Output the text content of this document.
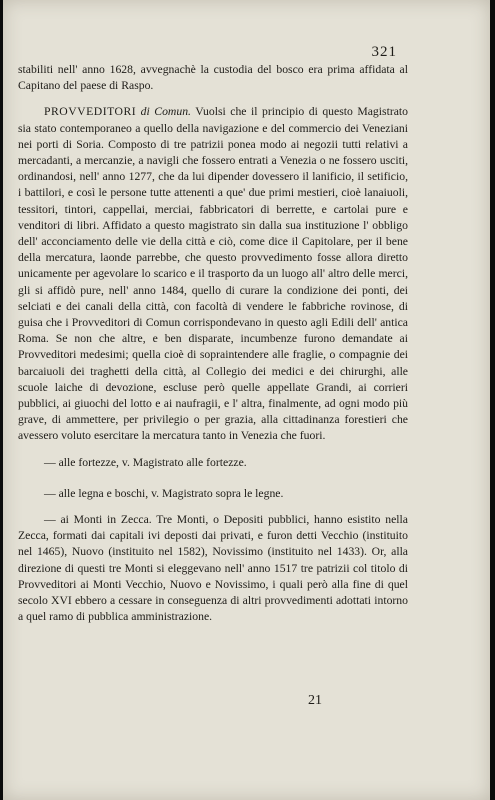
321

stabiliti nell' anno 1628, avvegnachè la custodia del bosco era prima affidata al Capitano del paese di Raspo.

PROVVEDITORI di Comun. Vuolsi che il principio di questo Magistrato sia stato contemporaneo a quello della navigazione e del commercio dei Veneziani nei porti di Soria. Composto di tre patrizii ponea modo ai negozii tutti relativi a mercadanti, a mercanzie, a navigli che fossero entrati a Venezia o ne fossero usciti, ordinandosi, nell' anno 1277, che da lui dipender dovessero il lanificio, il setificio, i battilori, e così le persone tutte attenenti a que' due primi mestieri, cioè lanaiuoli, tessitori, tintori, cappellai, merciai, fabbricatori di berrette, e cartolai pure e venditori di libri. Affidato a questo magistrato sin dalla sua instituzione l' obbligo dell' acconciamento delle vie della città e ciò, come dice il Capitolare, per il bene della mercatura, laonde parrebbe, che questo provvedimento fosse allora diretto unicamente per agevolare lo scarico e il trasporto da un luogo all' altro delle merci, gli si affidò pure, nell' anno 1484, quello di curare la condizione dei ponti, dei selciati e dei canali della città, con facoltà di vendere le fabbriche rovinose, di guisa che i Provveditori di Comun corrispondevano in questo agli Edili dell' antica Roma. Se non che altre, e ben disparate, incumbenze furono demandate ai Provveditori medesimi; quella cioè di sopraintendere alle fraglie, o compagnie dei barcaiuoli dei traghetti della città, al Collegio dei medici e dei chirurghi, alle scuole laiche di devozione, escluse però quelle appellate Grandi, ai corrieri pubblici, ai giuochi del lotto e ai naufragii, e l' altra, finalmente, ad ogni modo più grave, di ammettere, per privilegio o per grazia, alla cittadinanza forestieri che avessero voluto esercitare la mercatura tanto in Venezia che fuori.

— alle fortezze, v. Magistrato alle fortezze.

— alle legna e boschi, v. Magistrato sopra le legne.

— ai Monti in Zecca. Tre Monti, o Depositi pubblici, hanno esistito nella Zecca, formati dai capitali ivi deposti dai privati, e furon detti Vecchio (instituito nel 1465), Nuovo (instituito nel 1582), Novissimo (instituito nel 1433). Or, alla direzione di questi tre Monti si eleggevano nell' anno 1517 tre patrizii col titolo di Provveditori ai Monti Vecchio, Nuovo e Novissimo, i quali però alla fine di quel secolo XVI ebbero a cessare in conseguenza di altri provvedimenti adottati intorno a quel ramo di pubblica amministrazione.

21
